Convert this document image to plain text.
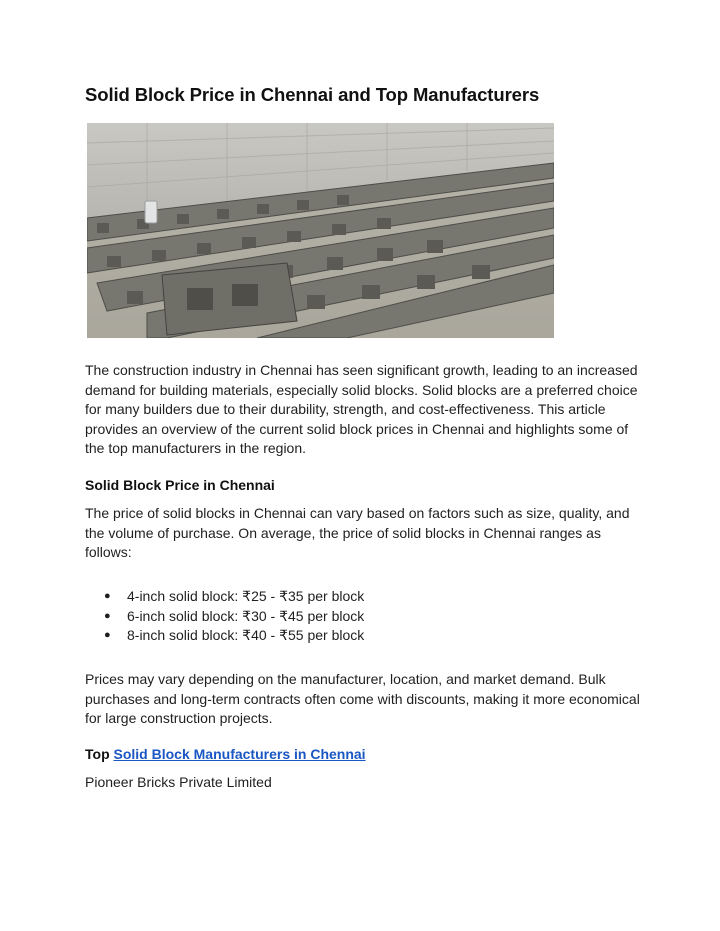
Solid Block Price in Chennai and Top Manufacturers

The construction industry in Chennai has seen significant growth, leading to an increased demand for building materials, especially solid blocks. Solid blocks are a preferred choice for many builders due to their durability, strength, and cost-effectiveness. This article provides an overview of the current solid block prices in Chennai and highlights some of the top manufacturers in the region.

Solid Block Price in Chennai

The price of solid blocks in Chennai can vary based on factors such as size, quality, and the volume of purchase. On average, the price of solid blocks in Chennai ranges as follows:

● 4-inch solid block: ₹25 - ₹35 per block
● 6-inch solid block: ₹30 - ₹45 per block
● 8-inch solid block: ₹40 - ₹55 per block

Prices may vary depending on the manufacturer, location, and market demand. Bulk purchases and long-term contracts often come with discounts, making it more economical for large construction projects.

Top Solid Block Manufacturers in Chennai

Pioneer Bricks Private Limited
